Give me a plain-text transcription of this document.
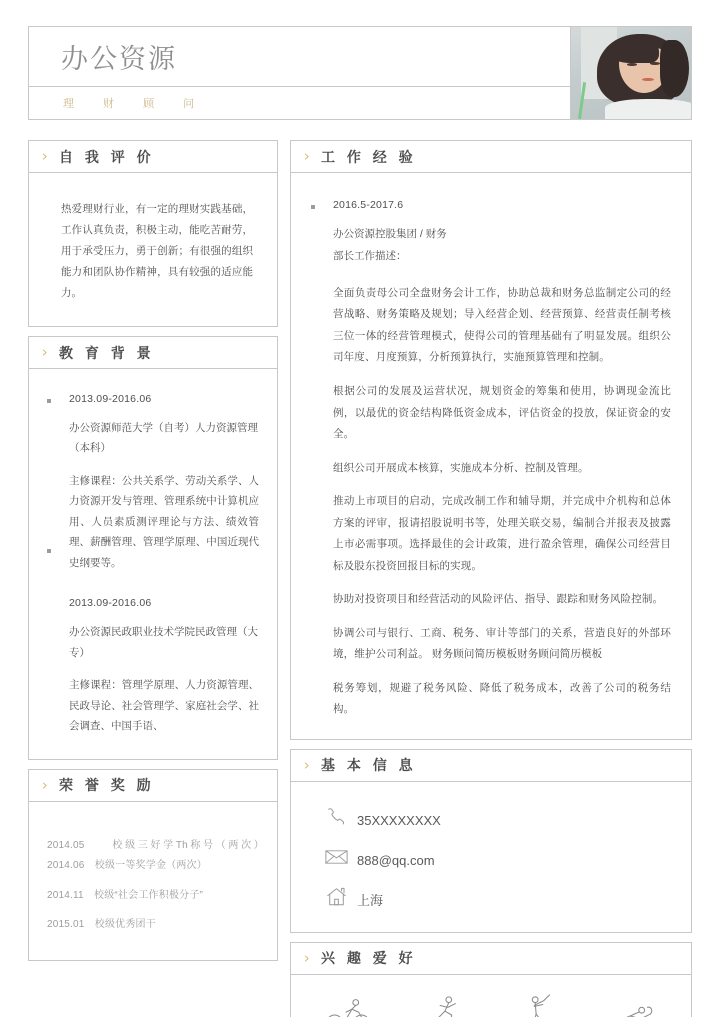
办公资源
理 财 顾 问
› 自 我 评 价
热爱理财行业，有一定的理财实践基础，工作认真负责，积极主动，能吃苦耐劳，用于承受压力，勇于创新；有很强的组织能力和团队协作精神，具有较强的适应能力。
› 教 育 背 景
2013.09-2016.06
办公资源师范大学（自考）人力资源管理（本科）
主修课程：公共关系学、劳动关系学、人力资源开发与管理、管理系统中计算机应用、人员素质测评理论与方法、绩效管理、薪酬管理、管理学原理、中国近现代史纲要等。
2013.09-2016.06
办公资源民政职业技术学院民政管理（大专）
主修课程：管理学原理、人力资源管理、民政导论、社会管理学、家庭社会学、社会调查、中国手语、
› 荣 誉 奖 励
2014.05　　校级三好学Th称号（两次）　2014.06　校级一等奖学金（两次）
2014.11　校级“社会工作积极分子”
2015.01　校级优秀团干
› 工 作 经 验
2016.5-2017.6
办公资源控股集团 / 财务
部长工作描述：
全面负责母公司全盘财务会计工作，协助总裁和财务总监制定公司的经营战略、财务策略及规划；导入经营企划、经营预算、经营责任制考核三位一体的经营管理模式，使得公司的管理基础有了明显发展。组织公司年度、月度预算，分析预算执行，实施预算管理和控制。
根据公司的发展及运营状况，规划资金的筹集和使用，协调现金流比例，以最优的资金结构降低资金成本，评估资金的投放，保证资金的安全。
组织公司开展成本核算，实施成本分析、控制及管理。
推动上市项目的启动，完成改制工作和辅导期，并完成中介机构和总体方案的评审，报请招股说明书等，处理关联交易，编制合并报表及披露上市必需事项。选择最佳的会计政策，进行盈余管理，确保公司经营目标及股东投资回报目标的实现。
协助对投资项目和经营活动的风险评估、指导、跟踪和财务风险控制。
协调公司与银行、工商、税务、审计等部门的关系，营造良好的外部环境，维护公司利益。 财务顾问简历模板财务顾问简历模板
税务筹划，规避了税务风险、降低了税务成本，改善了公司的税务结构。
› 基 本 信 息
35XXXXXXXX
888@qq.com
上海
› 兴 趣 爱 好
